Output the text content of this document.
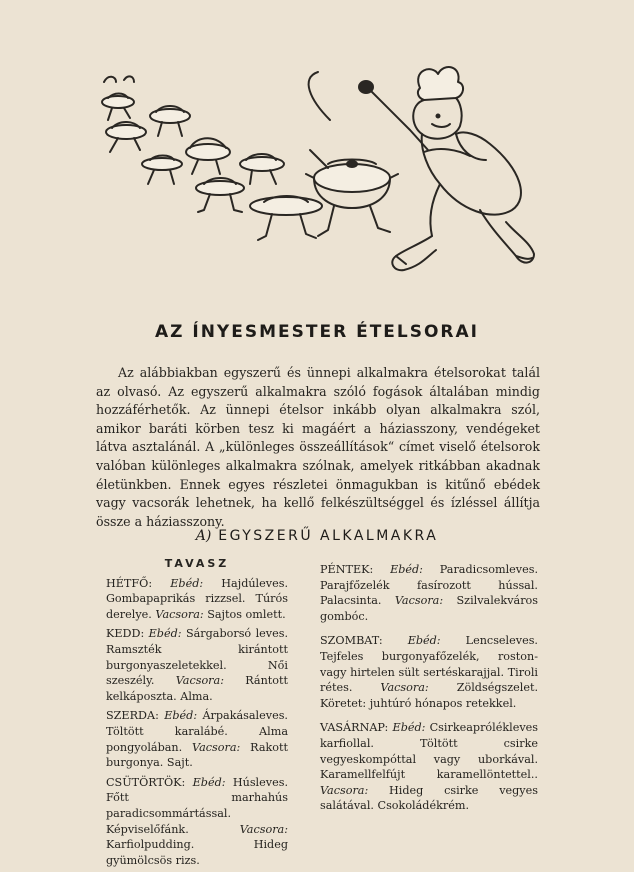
AZ ÍNYESMESTER ÉTELSORAI

Az alábbiakban egyszerű és ünnepi alkalmakra ételsorokat talál az olvasó. Az egyszerű alkalmakra szóló fogások általában mindig hozzáférhetők. Az ünnepi ételsor inkább olyan alkalmakra szól, amikor baráti körben tesz ki magáért a háziasszony, vendégeket látva asztalánál. A „különleges összeállítások“ címet viselő ételsorok valóban különleges alkalmakra szólnak, amelyek ritkábban akadnak életünkben. Ennek egyes részletei önmagukban is kitűnő ebédek vagy vacsorák lehetnek, ha kellő felkészültséggel és ízléssel állítja össze a háziasszony.

A) EGYSZERŰ ALKALMAKRA
TAVASZ
HÉTFŐ: Ebéd: Hajdúleves. Gombapaprikás rizzsel. Túrós derelye. Vacsora: Sajtos omlett.
KEDD: Ebéd: Sárgaborsó leves. Ramszték kirántott burgonyaszeletekkel. Női szeszély. Vacsora: Rántott kelkáposzta. Alma.
SZERDA: Ebéd: Árpakásaleves. Töltött karalábé. Alma pongyolában. Vacsora: Rakott burgonya. Sajt.
CSÜTÖRTÖK: Ebéd: Húsleves. Főtt marhahús paradicsommártással. Képviselőfánk.	Vacsora: Karfiolpudding. Hideg gyümölcsös rizs.
PÉNTEK: Ebéd: Paradicsomleves. Parajfőzelék fasírozott hússal. Palacsinta. Vacsora: Szilvalekváros gombóc.
SZOMBAT: Ebéd: Lencseleves. Tejfeles burgonyafőzelék, roston- vagy hirtelen sült sertéskarajjal. Tiroli rétes.	Vacsora:	Zöldségszelet. Köretet: juhtúró hónapos retekkel.
VASÁRNAP: Ebéd: Csirkeaprólékleves karfiollal. Töltött csirke vegyeskompóttal vagy uborkával. Karamellfelfújt karamellöntettel.. Vacsora: Hideg csirke vegyes salátával. Csokoládékrém.
